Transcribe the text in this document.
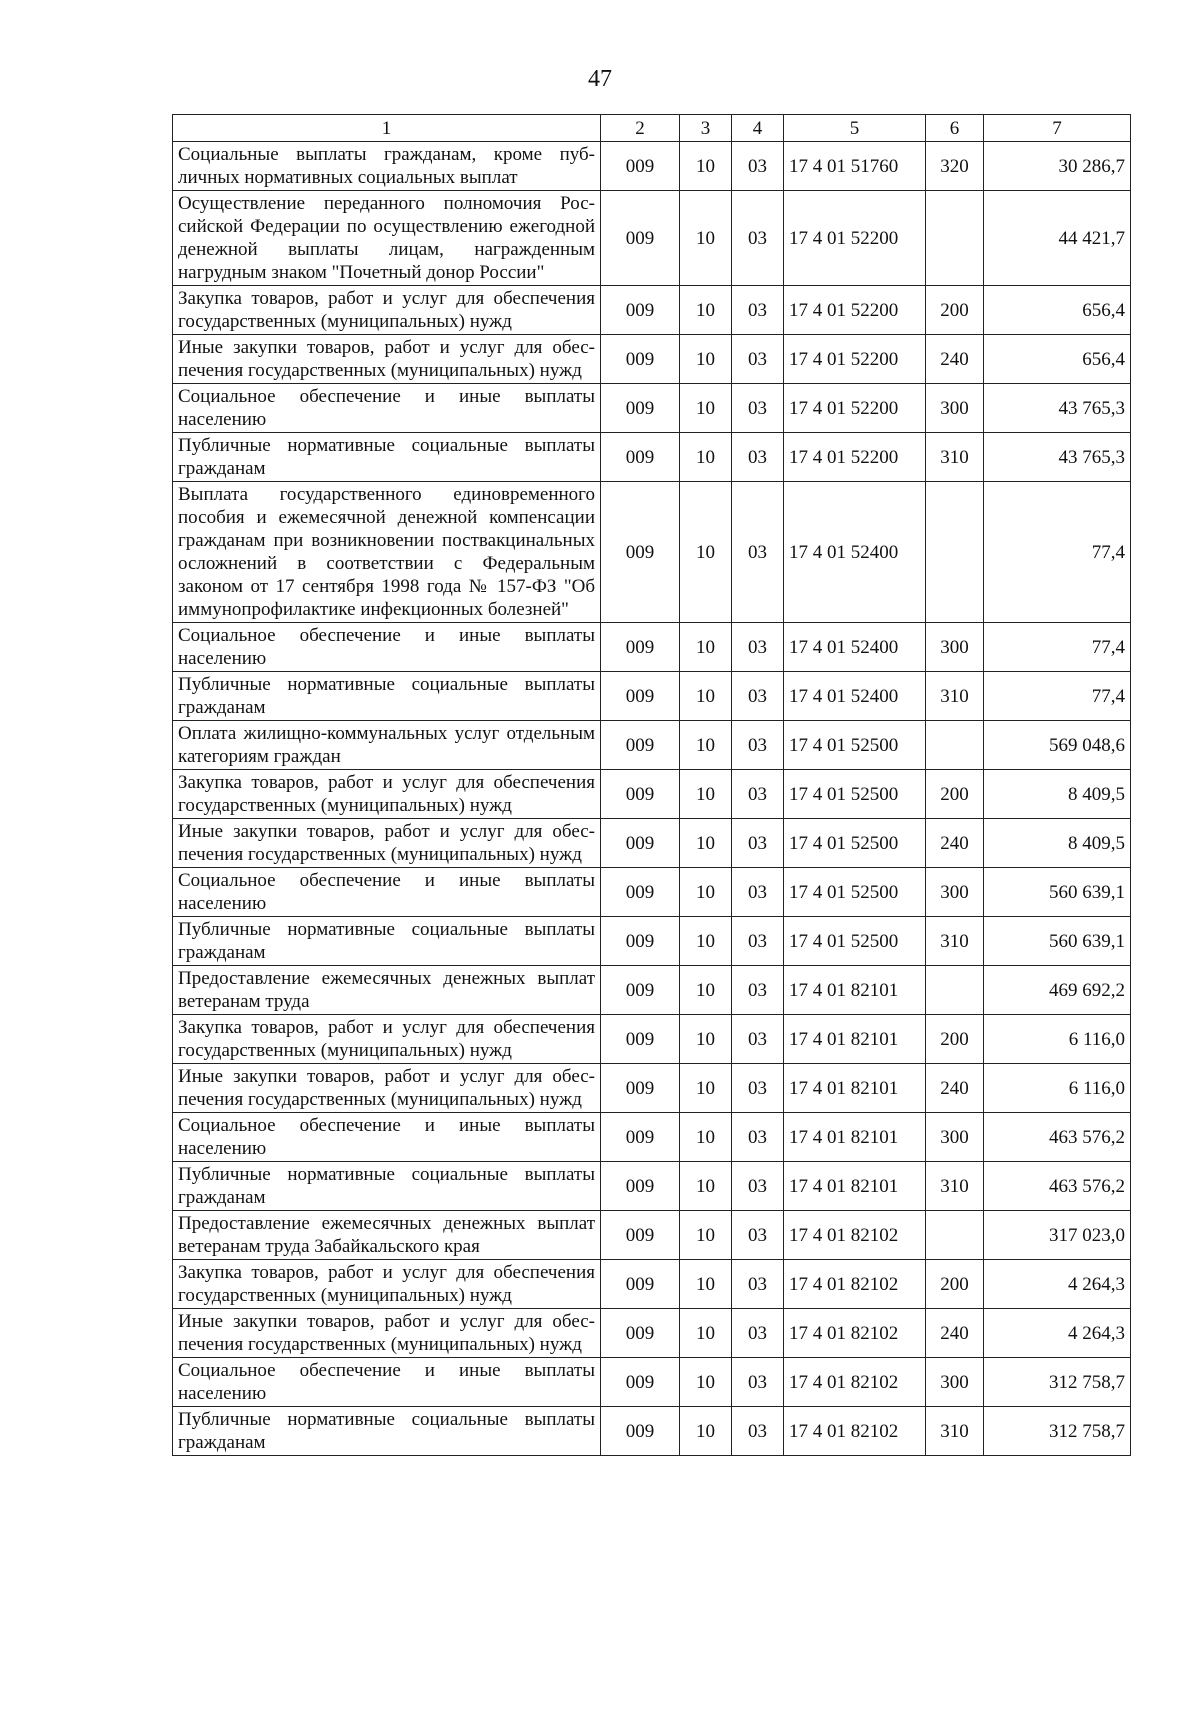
47
1	2	3	4	5	6	7
Социальные выплаты гражданам, кроме публичных нормативных социальных выплат	009	10	03	17 4 01 51760	320	30 286,7
Осуществление переданного полномочия Российской Федерации по осуществлению ежегодной денежной выплаты лицам, награжденным нагрудным знаком "Почетный донор России"	009	10	03	17 4 01 52200		44 421,7
Закупка товаров, работ и услуг для обеспечения государственных (муниципальных) нужд	009	10	03	17 4 01 52200	200	656,4
Иные закупки товаров, работ и услуг для обеспечения государственных (муниципальных) нужд	009	10	03	17 4 01 52200	240	656,4
Социальное обеспечение и иные выплаты населению	009	10	03	17 4 01 52200	300	43 765,3
Публичные нормативные социальные выплаты гражданам	009	10	03	17 4 01 52200	310	43 765,3
Выплата государственного единовременного пособия и ежемесячной денежной компенсации гражданам при возникновении поствакцинальных осложнений в соответствии с Федеральным законом от 17 сентября 1998 года № 157-ФЗ "Об иммунопрофилактике инфекционных болезней"	009	10	03	17 4 01 52400		77,4
Социальное обеспечение и иные выплаты населению	009	10	03	17 4 01 52400	300	77,4
Публичные нормативные социальные выплаты гражданам	009	10	03	17 4 01 52400	310	77,4
Оплата жилищно-коммунальных услуг отдельным категориям граждан	009	10	03	17 4 01 52500		569 048,6
Закупка товаров, работ и услуг для обеспечения государственных (муниципальных) нужд	009	10	03	17 4 01 52500	200	8 409,5
Иные закупки товаров, работ и услуг для обеспечения государственных (муниципальных) нужд	009	10	03	17 4 01 52500	240	8 409,5
Социальное обеспечение и иные выплаты населению	009	10	03	17 4 01 52500	300	560 639,1
Публичные нормативные социальные выплаты гражданам	009	10	03	17 4 01 52500	310	560 639,1
Предоставление ежемесячных денежных выплат ветеранам труда	009	10	03	17 4 01 82101		469 692,2
Закупка товаров, работ и услуг для обеспечения государственных (муниципальных) нужд	009	10	03	17 4 01 82101	200	6 116,0
Иные закупки товаров, работ и услуг для обеспечения государственных (муниципальных) нужд	009	10	03	17 4 01 82101	240	6 116,0
Социальное обеспечение и иные выплаты населению	009	10	03	17 4 01 82101	300	463 576,2
Публичные нормативные социальные выплаты гражданам	009	10	03	17 4 01 82101	310	463 576,2
Предоставление ежемесячных денежных выплат ветеранам труда Забайкальского края	009	10	03	17 4 01 82102		317 023,0
Закупка товаров, работ и услуг для обеспечения государственных (муниципальных) нужд	009	10	03	17 4 01 82102	200	4 264,3
Иные закупки товаров, работ и услуг для обеспечения государственных (муниципальных) нужд	009	10	03	17 4 01 82102	240	4 264,3
Социальное обеспечение и иные выплаты населению	009	10	03	17 4 01 82102	300	312 758,7
Публичные нормативные социальные выплаты гражданам	009	10	03	17 4 01 82102	310	312 758,7
